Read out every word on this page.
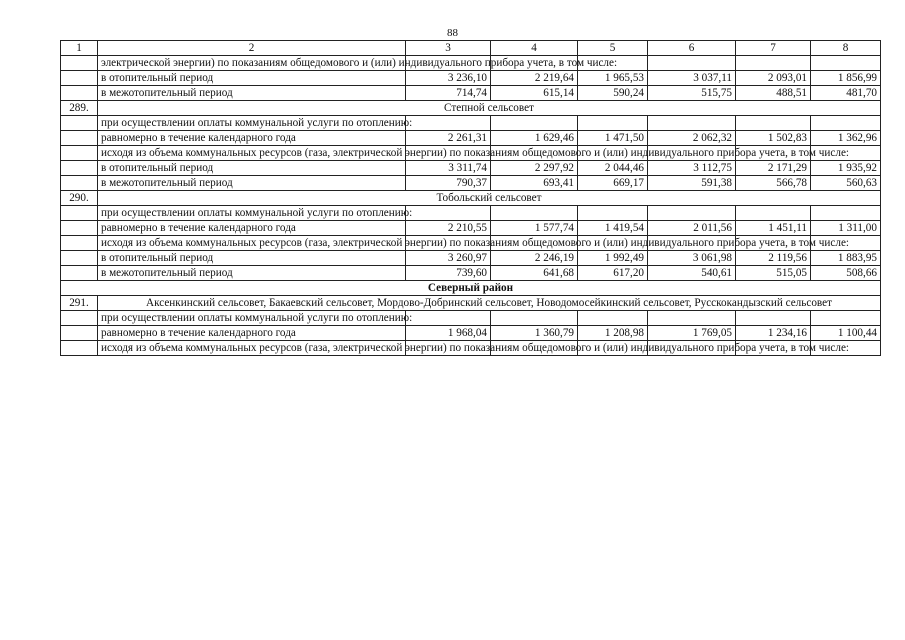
88
1	2	3	4	5	6	7	8
	электрической энергии) по показаниям общедомового и (или) индивидуального прибора учета, в том числе:						
	в отопительный период	3 236,10	2 219,64	1 965,53	3 037,11	2 093,01	1 856,99
	в межотопительный период	714,74	615,14	590,24	515,75	488,51	481,70
289.	Степной сельсовет						
	при осуществлении оплаты коммунальной услуги по отоплению:						
	равномерно в течение календарного года	2 261,31	1 629,46	1 471,50	2 062,32	1 502,83	1 362,96
	исходя из объема коммунальных ресурсов (газа, электрической энергии) по показаниям общедомового и (или) индивидуального прибора учета, в том числе:						
	в отопительный период	3 311,74	2 297,92	2 044,46	3 112,75	2 171,29	1 935,92
	в межотопительный период	790,37	693,41	669,17	591,38	566,78	560,63
290.	Тобольский сельсовет						
	при осуществлении оплаты коммунальной услуги по отоплению:						
	равномерно в течение календарного года	2 210,55	1 577,74	1 419,54	2 011,56	1 451,11	1 311,00
	исходя из объема коммунальных ресурсов (газа, электрической энергии) по показаниям общедомового и (или) индивидуального прибора учета, в том числе:						
	в отопительный период	3 260,97	2 246,19	1 992,49	3 061,98	2 119,56	1 883,95
	в межотопительный период	739,60	641,68	617,20	540,61	515,05	508,66
Северный район							
291.	Аксенкинский сельсовет, Бакаевский сельсовет, Мордово-Добринский сельсовет, Новодомосейкинский сельсовет, Русскокандызский сельсовет						
	при осуществлении оплаты коммунальной услуги по отоплению:						
	равномерно в течение календарного года	1 968,04	1 360,79	1 208,98	1 769,05	1 234,16	1 100,44
	исходя из объема коммунальных ресурсов (газа, электрической энергии) по показаниям общедомового и (или) индивидуального прибора учета, в том числе:						
